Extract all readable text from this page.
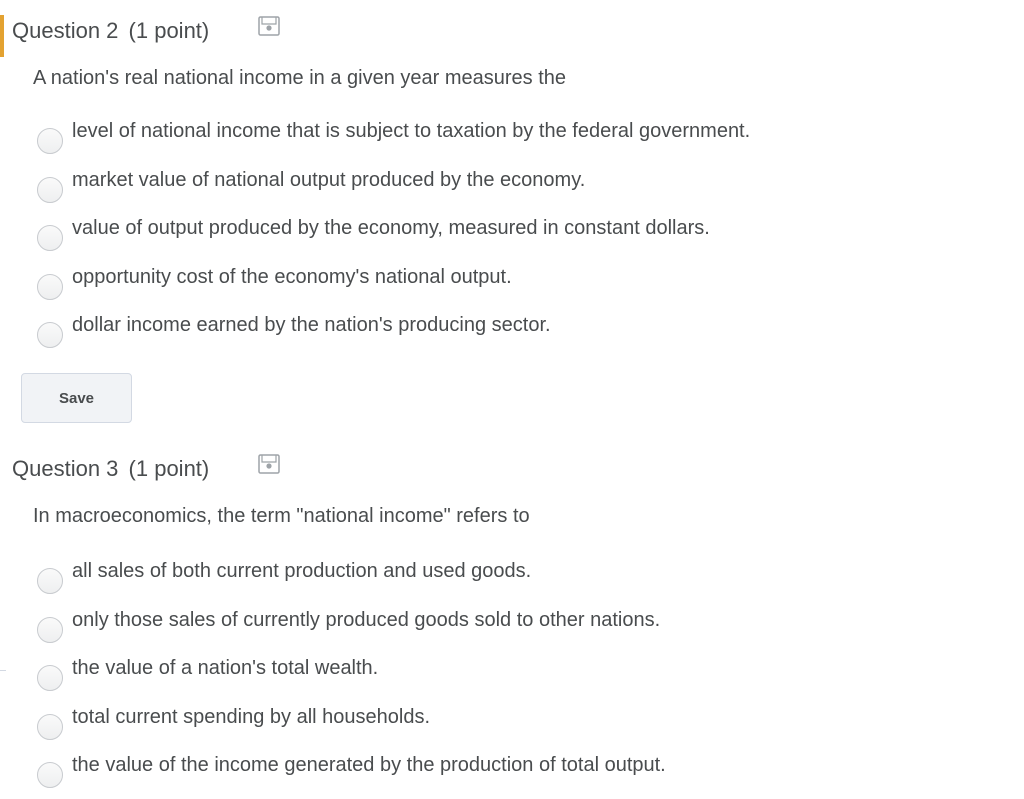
Question 2 (1 point)
A nation's real national income in a given year measures the
level of national income that is subject to taxation by the federal government.
market value of national output produced by the economy.
value of output produced by the economy, measured in constant dollars.
opportunity cost of the economy's national output.
dollar income earned by the nation's producing sector.
Save
Question 3 (1 point)
In macroeconomics, the term "national income" refers to
all sales of both current production and used goods.
only those sales of currently produced goods sold to other nations.
the value of a nation's total wealth.
total current spending by all households.
the value of the income generated by the production of total output.
